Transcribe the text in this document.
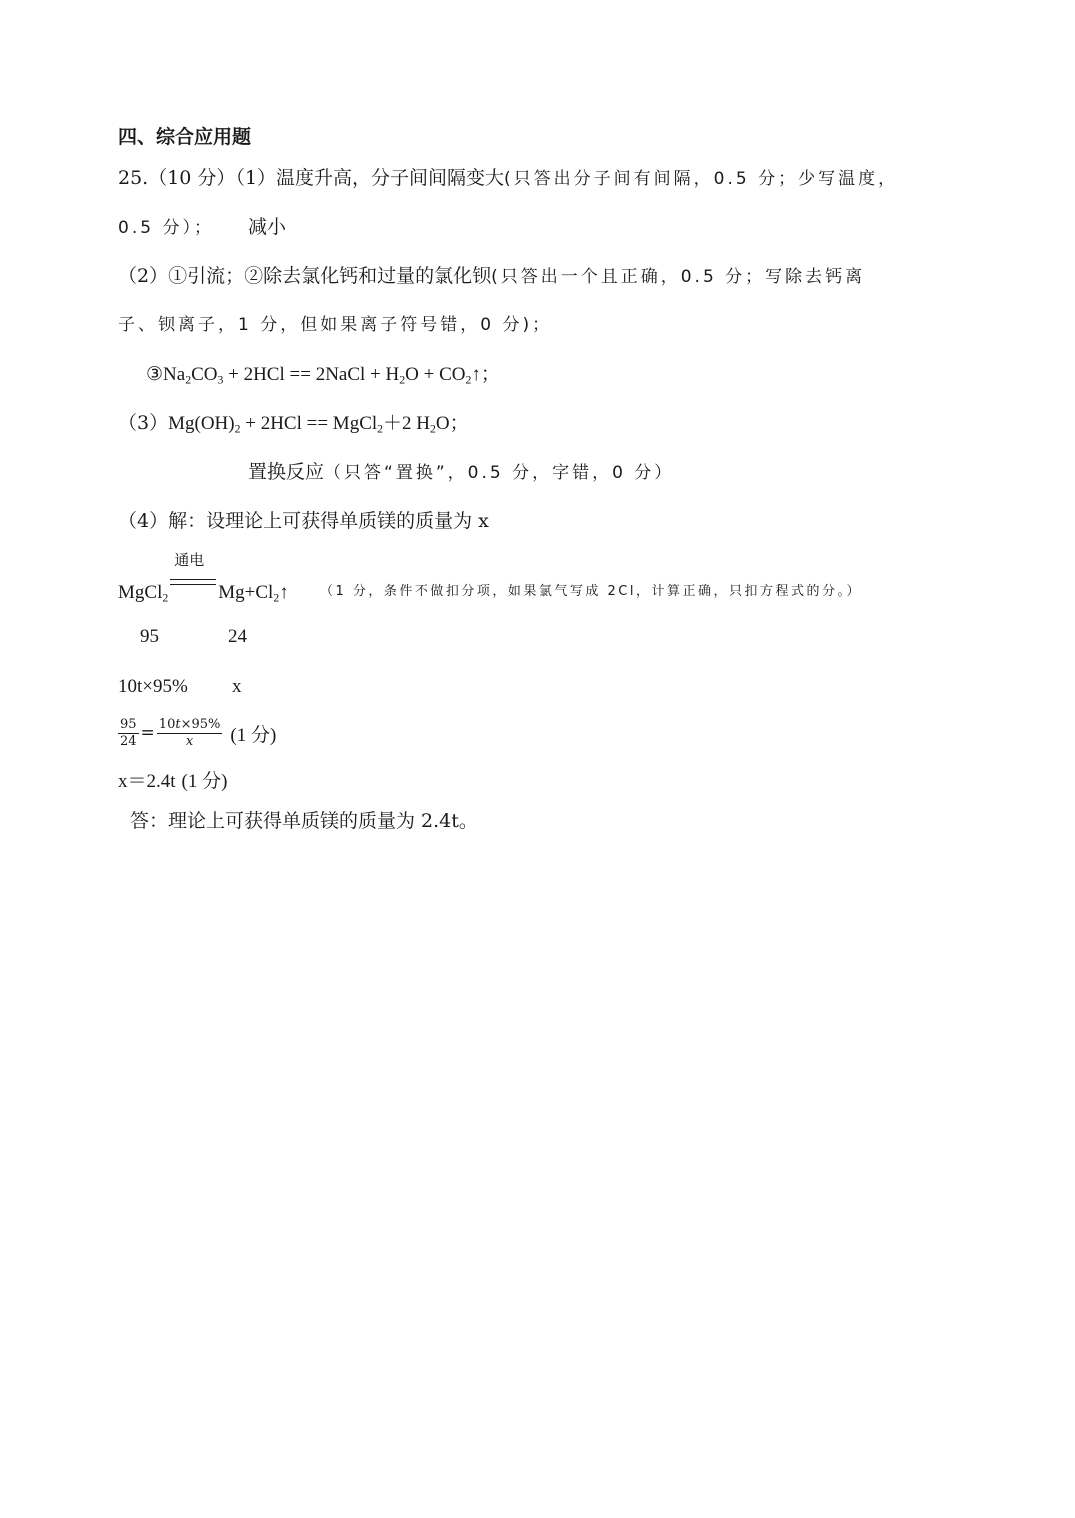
四、综合应用题
25.（10 分）（1）温度升高，分子间间隔变大(只答出分子间有间隔，0.5 分；少写温度，
0.5 分）； 减小
（2）①引流；②除去氯化钙和过量的氯化钡(只答出一个且正确，0.5 分；写除去钙离
子、钡离子，1 分，但如果离子符号错，0 分)；
$③Na_2CO_3 + 2HCl$ == 2NaCl + $H_2O$ + $CO_2↑$；
$(3)Mg(OH)_2 + 2HCl$ == MgCl$_2$＋2 $H_2O$；
置换反应（只答“置换”，0.5 分，字错，0 分）
（4）解：设理论上可获得单质镁的质量为 x
MgCl$_2$
通电
$Mg+Cl_2↑$ （1 分，条件不做扣分项，如果氯气写成 2Cl，计算正确，只扣方程式的分。）
95	24
10t×95% x
$\frac{95}{24} = \frac{10t\times 95\%}{x} (1$ 分)
x＝2.4t (1 分)
答：理论上可获得单质镁的质量为 2.4t。
